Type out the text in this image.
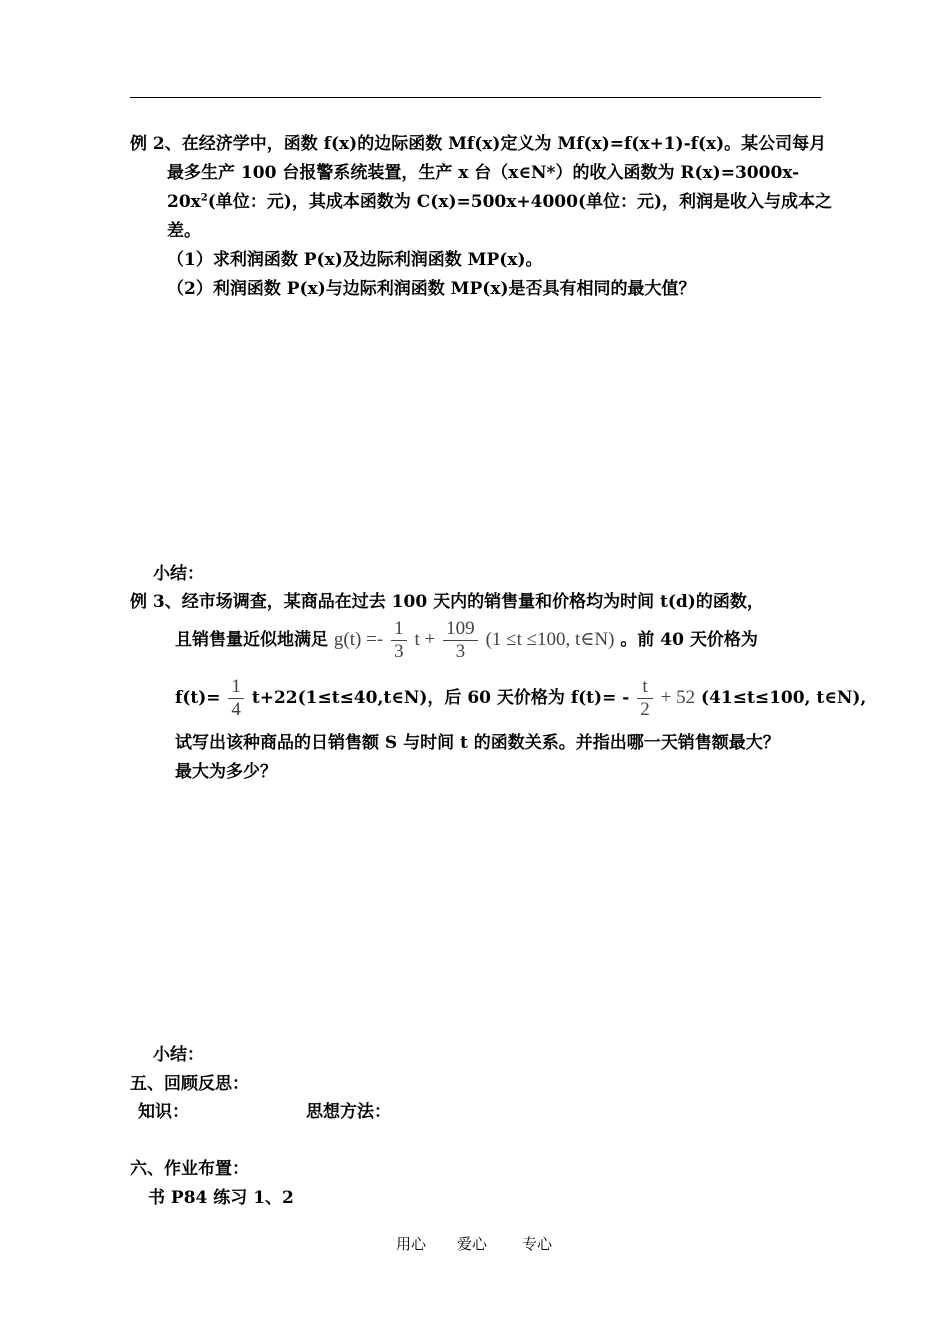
例 2、在经济学中，函数 f(x)的边际函数 Mf(x)定义为 Mf(x)=f(x+1)-f(x)。某公司每月
最多生产 100 台报警系统装置，生产 x 台（x∈N*）的收入函数为 R(x)=3000x-
$20x^2$(单位：元)，其成本函数为 C(x)=500x+4000(单位：元)，利润是收入与成本之
差。
（1）求利润函数 P(x)及边际利润函数 MP(x)。
（2）利润函数 P(x)与边际利润函数 MP(x)是否具有相同的最大值？
小结：
例 3、经市场调查，某商品在过去 100 天内的销售量和价格均为时间 t(d)的函数，
且销售量近似地满足 $g(t) =- \frac{1}{3}$ $t + \frac{109}{3} (1 \le t \le 100$, t∈N) 。前 40 天价格为
$f(t)= \frac{1}{4}$ t+22(1≤t≤40,t∈N)，后 60 天价格为 $f(t)= - \frac{t}{2} + 52$ (41≤t≤100, t∈N),
试写出该种商品的日销售额 S 与时间 t 的函数关系。并指出哪一天销售额最大？
最大为多少？
小结：
五、回顾反思：
知识：	思想方法：
六、作业布置：
书 P84 练习 1、2
用心 爱心 专心
